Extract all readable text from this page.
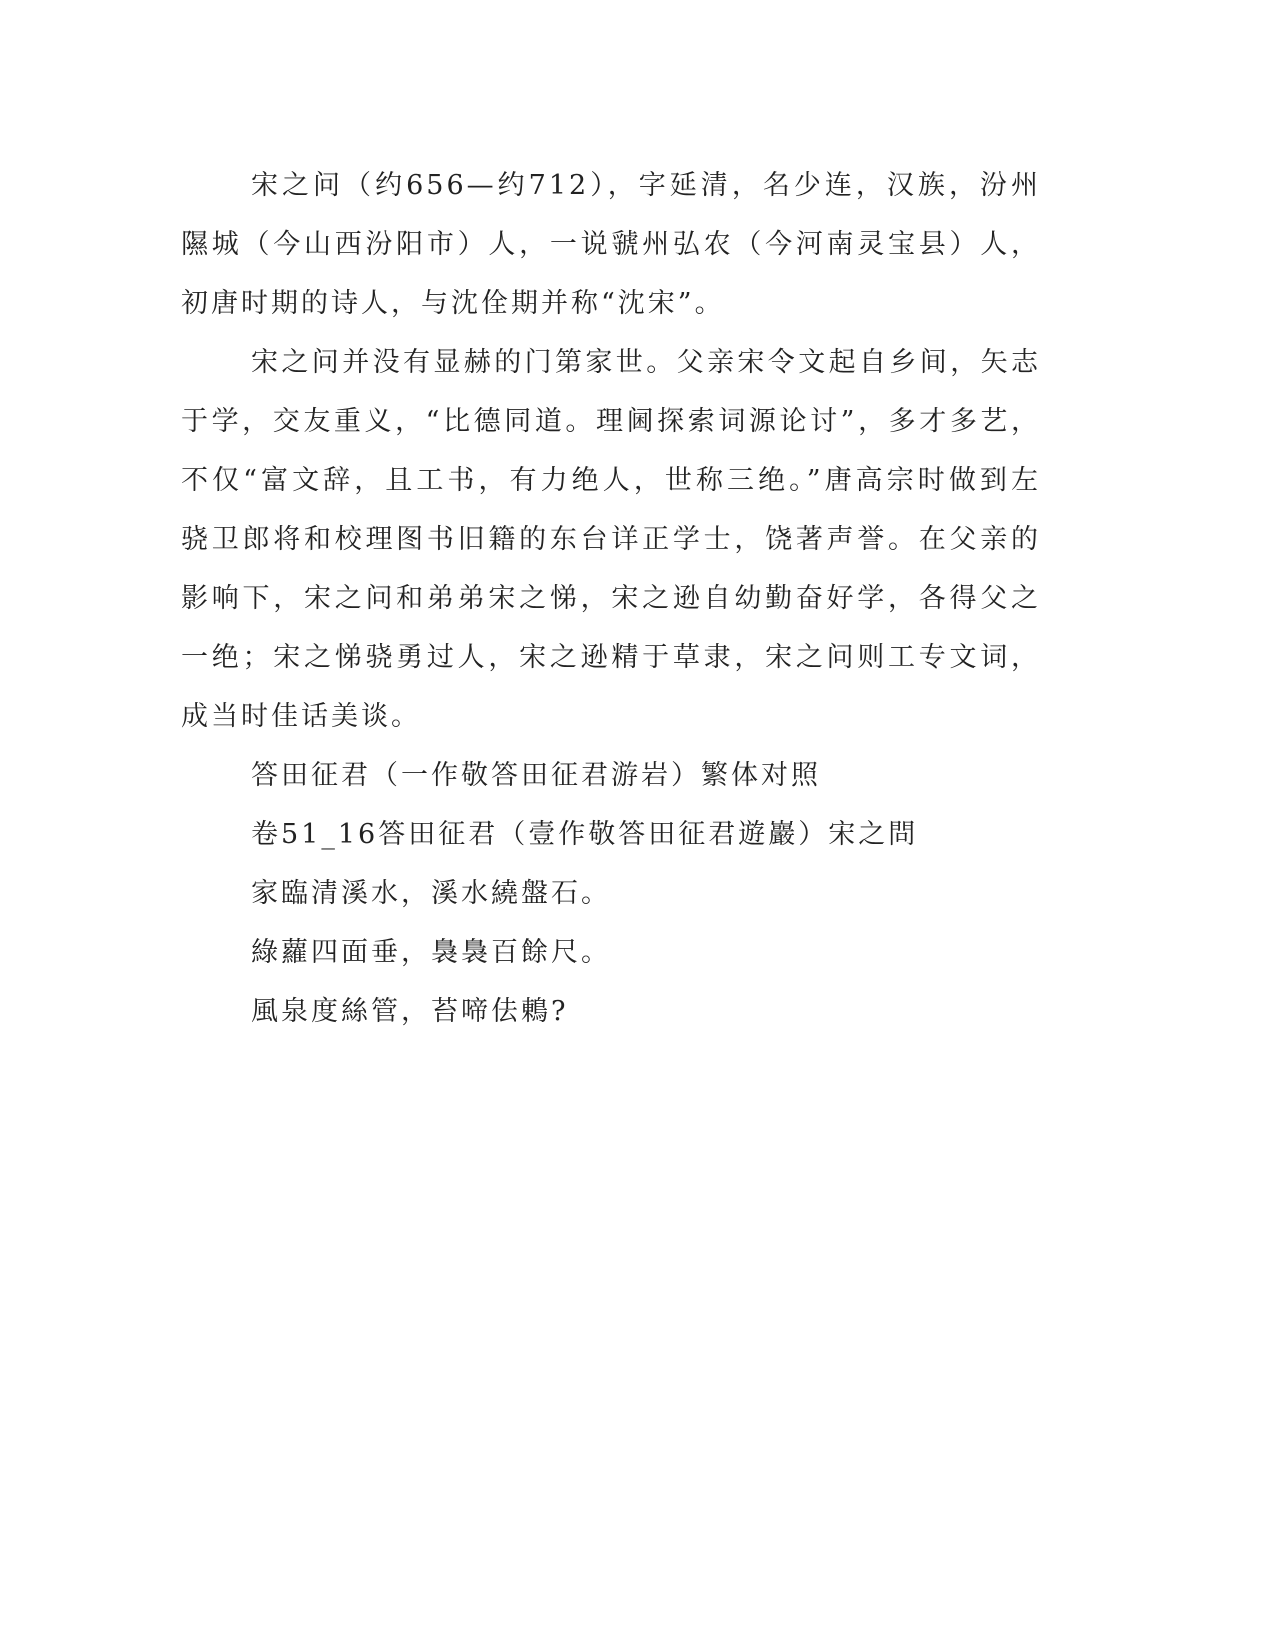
宋之问（约656—约712），字延清，名少连，汉族，汾州隰城（今山西汾阳市）人，一说虢州弘农（今河南灵宝县）人，初唐时期的诗人，与沈佺期并称“沈宋”。

宋之问并没有显赫的门第家世。父亲宋令文起自乡间，矢志于学，交友重义，“比德同道。理阃探索词源论讨”，多才多艺，不仅“富文辞，且工书，有力绝人，世称三绝。”唐高宗时做到左骁卫郎将和校理图书旧籍的东台详正学士，饶著声誉。在父亲的影响下，宋之问和弟弟宋之悌，宋之逊自幼勤奋好学，各得父之一绝；宋之悌骁勇过人，宋之逊精于草隶，宋之问则工专文词，成当时佳话美谈。

答田征君（一作敬答田征君游岩）繁体对照

卷51_16答田征君（壹作敬答田征君遊巖）宋之問

家臨清溪水，溪水繞盤石。

綠蘿四面垂，裊裊百餘尺。

風泉度絲管，苔啼佉鶇?
